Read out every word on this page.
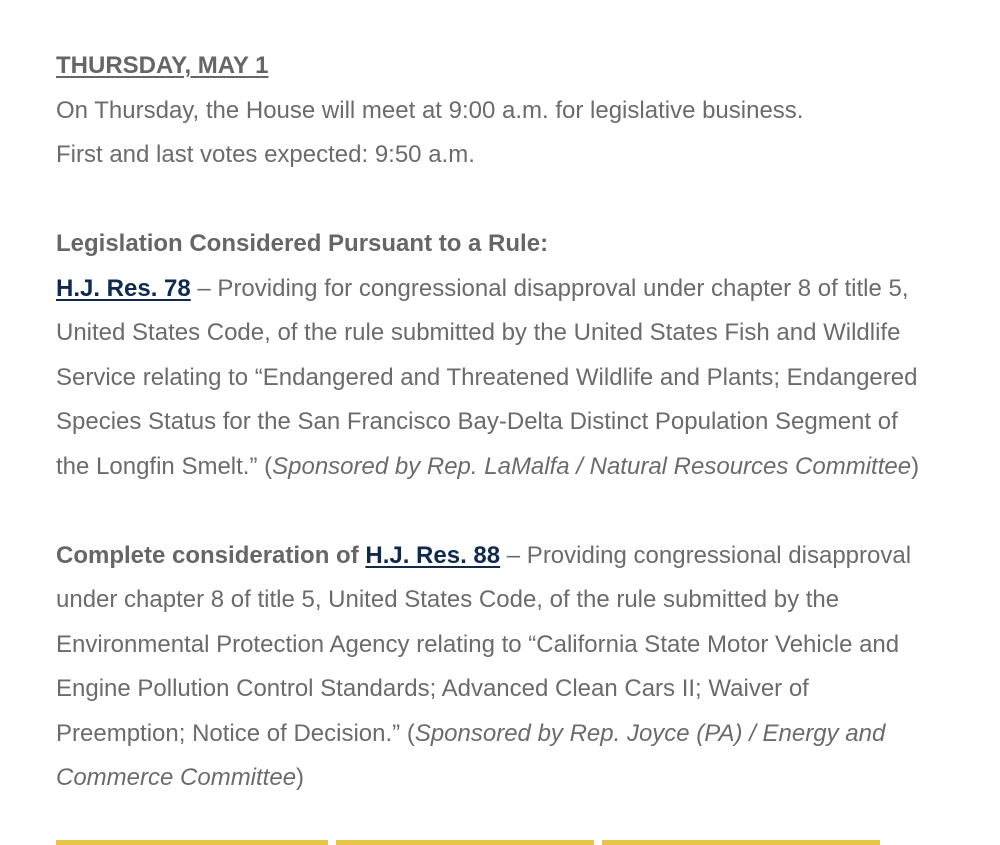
THURSDAY, MAY 1

On Thursday, the House will meet at 9:00 a.m. for legislative business.

First and last votes expected: 9:50 a.m.

Legislation Considered Pursuant to a Rule:

H.J. Res. 78 – Providing for congressional disapproval under chapter 8 of title 5, United States Code, of the rule submitted by the United States Fish and Wildlife Service relating to “Endangered and Threatened Wildlife and Plants; Endangered Species Status for the San Francisco Bay-Delta Distinct Population Segment of the Longfin Smelt.” (Sponsored by Rep. LaMalfa / Natural Resources Committee)

Complete consideration of H.J. Res. 88 – Providing congressional disapproval under chapter 8 of title 5, United States Code, of the rule submitted by the Environmental Protection Agency relating to “California State Motor Vehicle and Engine Pollution Control Standards; Advanced Clean Cars II; Waiver of Preemption; Notice of Decision.” (Sponsored by Rep. Joyce (PA) / Energy and Commerce Committee)
